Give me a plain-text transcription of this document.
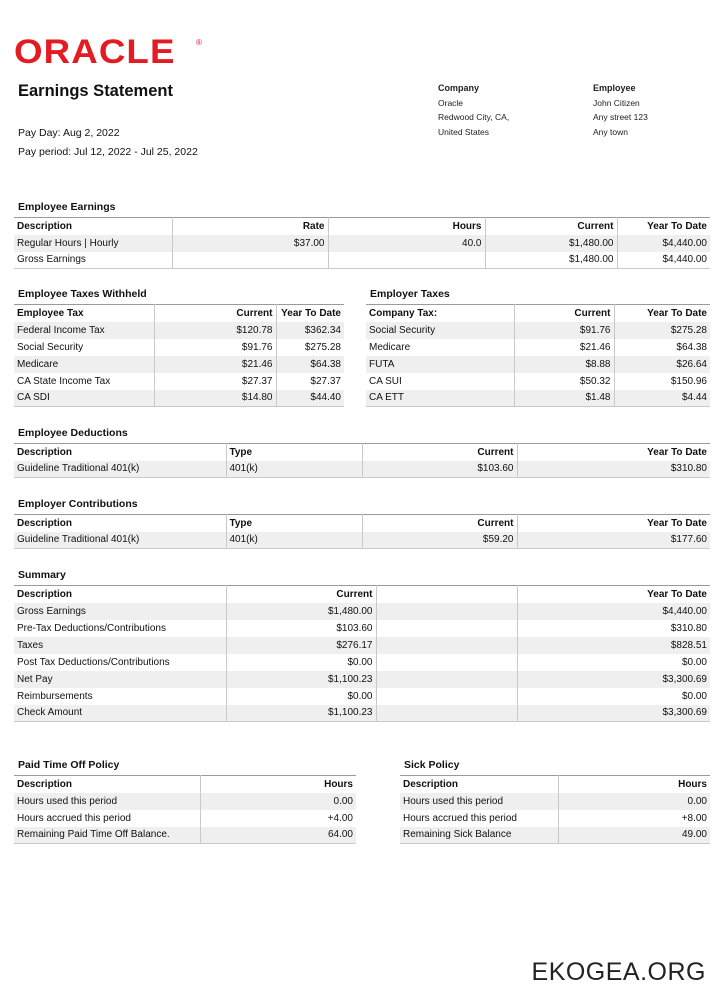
ORACLE	®
Earnings Statement
Pay Day: Aug 2, 2022
Pay period: Jul 12, 2022 - Jul 25, 2022
Company
Oracle
Redwood City, CA,
United States
Employee
John Citizen
Any street 123
Any town
Employee Earnings
Description	Rate	Hours	Current	Year To Date
Regular Hours | Hourly	$37.00	40.0	$1,480.00	$4,440.00
Gross Earnings			$1,480.00	$4,440.00
Employee Taxes Withheld
Employee Tax	Current	Year To Date
Federal Income Tax	$120.78	$362.34
Social Security	$91.76	$275.28
Medicare	$21.46	$64.38
CA State Income Tax	$27.37	$27.37
CA SDI	$14.80	$44.40
Employer Taxes
Company Tax:	Current	Year To Date
Social Security	$91.76	$275.28
Medicare	$21.46	$64.38
FUTA	$8.88	$26.64
CA SUI	$50.32	$150.96
CA ETT	$1.48	$4.44
Employee Deductions
Description	Type	Current	Year To Date
Guideline Traditional 401(k)	401(k)	$103.60	$310.80
Employer Contributions
Description	Type	Current	Year To Date
Guideline Traditional 401(k)	401(k)	$59.20	$177.60
Summary
Description	Current		Year To Date
Gross Earnings	$1,480.00		$4,440.00
Pre-Tax Deductions/Contributions	$103.60		$310.80
Taxes	$276.17		$828.51
Post Tax Deductions/Contributions	$0.00		$0.00
Net Pay	$1,100.23		$3,300.69
Reimbursements	$0.00		$0.00
Check Amount	$1,100.23		$3,300.69
Paid Time Off Policy
Description	Hours
Hours used this period	0.00
Hours accrued this period	+4.00
Remaining Paid Time Off Balance.	64.00
Sick Policy
Description	Hours
Hours used this period	0.00
Hours accrued this period	+8.00
Remaining Sick Balance	49.00
EKOGEA.ORG
